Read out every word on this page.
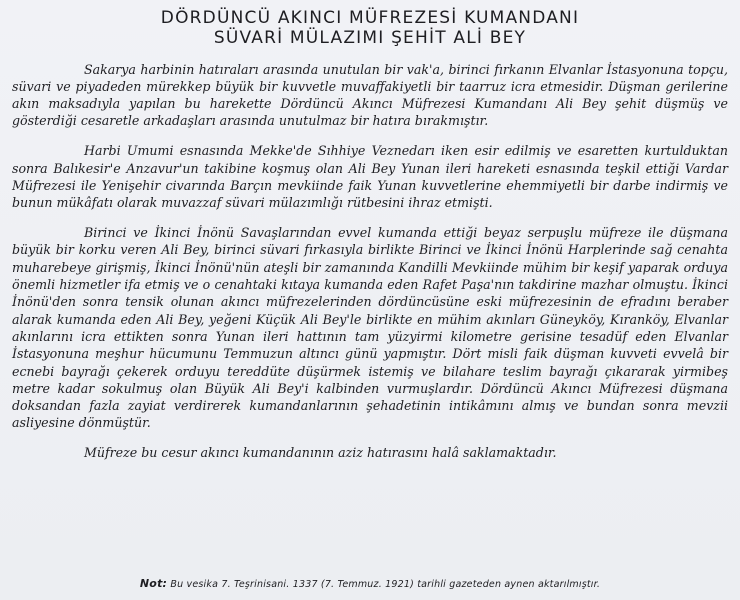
DÖRDÜNCÜ AKINCI MÜFREZESİ KUMANDANI
SÜVARİ MÜLAZIMI ŞEHİT ALİ BEY

Sakarya harbinin hatıraları arasında unutulan bir vak'a, birinci fırkanın Elvanlar İstasyonuna topçu, süvari ve piyadeden mürekkep büyük bir kuvvetle muvaffakiyetli bir taarruz icra etmesidir. Düşman gerilerine akın maksadıyla yapılan bu harekette Dördüncü Akıncı Müfrezesi Kumandanı Ali Bey şehit düşmüş ve gösterdiği cesaretle arkadaşları arasında unutulmaz bir hatıra bırakmıştır.

Harbi Umumi esnasında Mekke'de Sıhhiye Veznedarı iken esir edilmiş ve esaretten kurtulduktan sonra Balıkesir'e Anzavur'un takibine koşmuş olan Ali Bey Yunan ileri hareketi esnasında teşkil ettiği Vardar Müfrezesi ile Yenişehir civarında Barçın mevkiinde faik Yunan kuvvetlerine ehemmiyetli bir darbe indirmiş ve bunun mükâfatı olarak muvazzaf süvari mülazımlığı rütbesini ihraz etmişti.

Birinci ve İkinci İnönü Savaşlarından evvel kumanda ettiği beyaz serpuşlu müfreze ile düşmana büyük bir korku veren Ali Bey, birinci süvari fırkasıyla birlikte Birinci ve İkinci İnönü Harplerinde sağ cenahta muharebeye girişmiş, İkinci İnönü'nün ateşli bir zamanında Kandilli Mevkiinde mühim bir keşif yaparak orduya önemli hizmetler ifa etmiş ve o cenahtaki kıtaya kumanda eden Rafet Paşa'nın takdirine mazhar olmuştu. İkinci İnönü'den sonra tensik olunan akıncı müfrezelerinden dördüncüsüne eski müfrezesinin de efradını beraber alarak kumanda eden Ali Bey, yeğeni Küçük Ali Bey'le birlikte en mühim akınları Güneyköy, Kıranköy, Elvanlar akınlarını icra ettikten sonra Yunan ileri hattının tam yüzyirmi kilometre gerisine tesadüf eden Elvanlar İstasyonuna meşhur hücumunu Temmuzun altıncı günü yapmıştır. Dört misli faik düşman kuvveti evvelâ bir ecnebi bayrağı çekerek orduyu tereddüte düşürmek istemiş ve bilahare teslim bayrağı çıkararak yirmibeş metre kadar sokulmuş olan Büyük Ali Bey'i kalbinden vurmuşlardır. Dördüncü Akıncı Müfrezesi düşmana doksandan fazla zayiat verdirerek kumandanlarının şehadetinin intikâmını almış ve bundan sonra mevzii asliyesine dönmüştür.

Müfreze bu cesur akıncı kumandanının aziz hatırasını halâ saklamaktadır.

Not: Bu vesika 7. Teşrinisani. 1337 (7. Temmuz. 1921) tarihli gazeteden aynen aktarılmıştır.
